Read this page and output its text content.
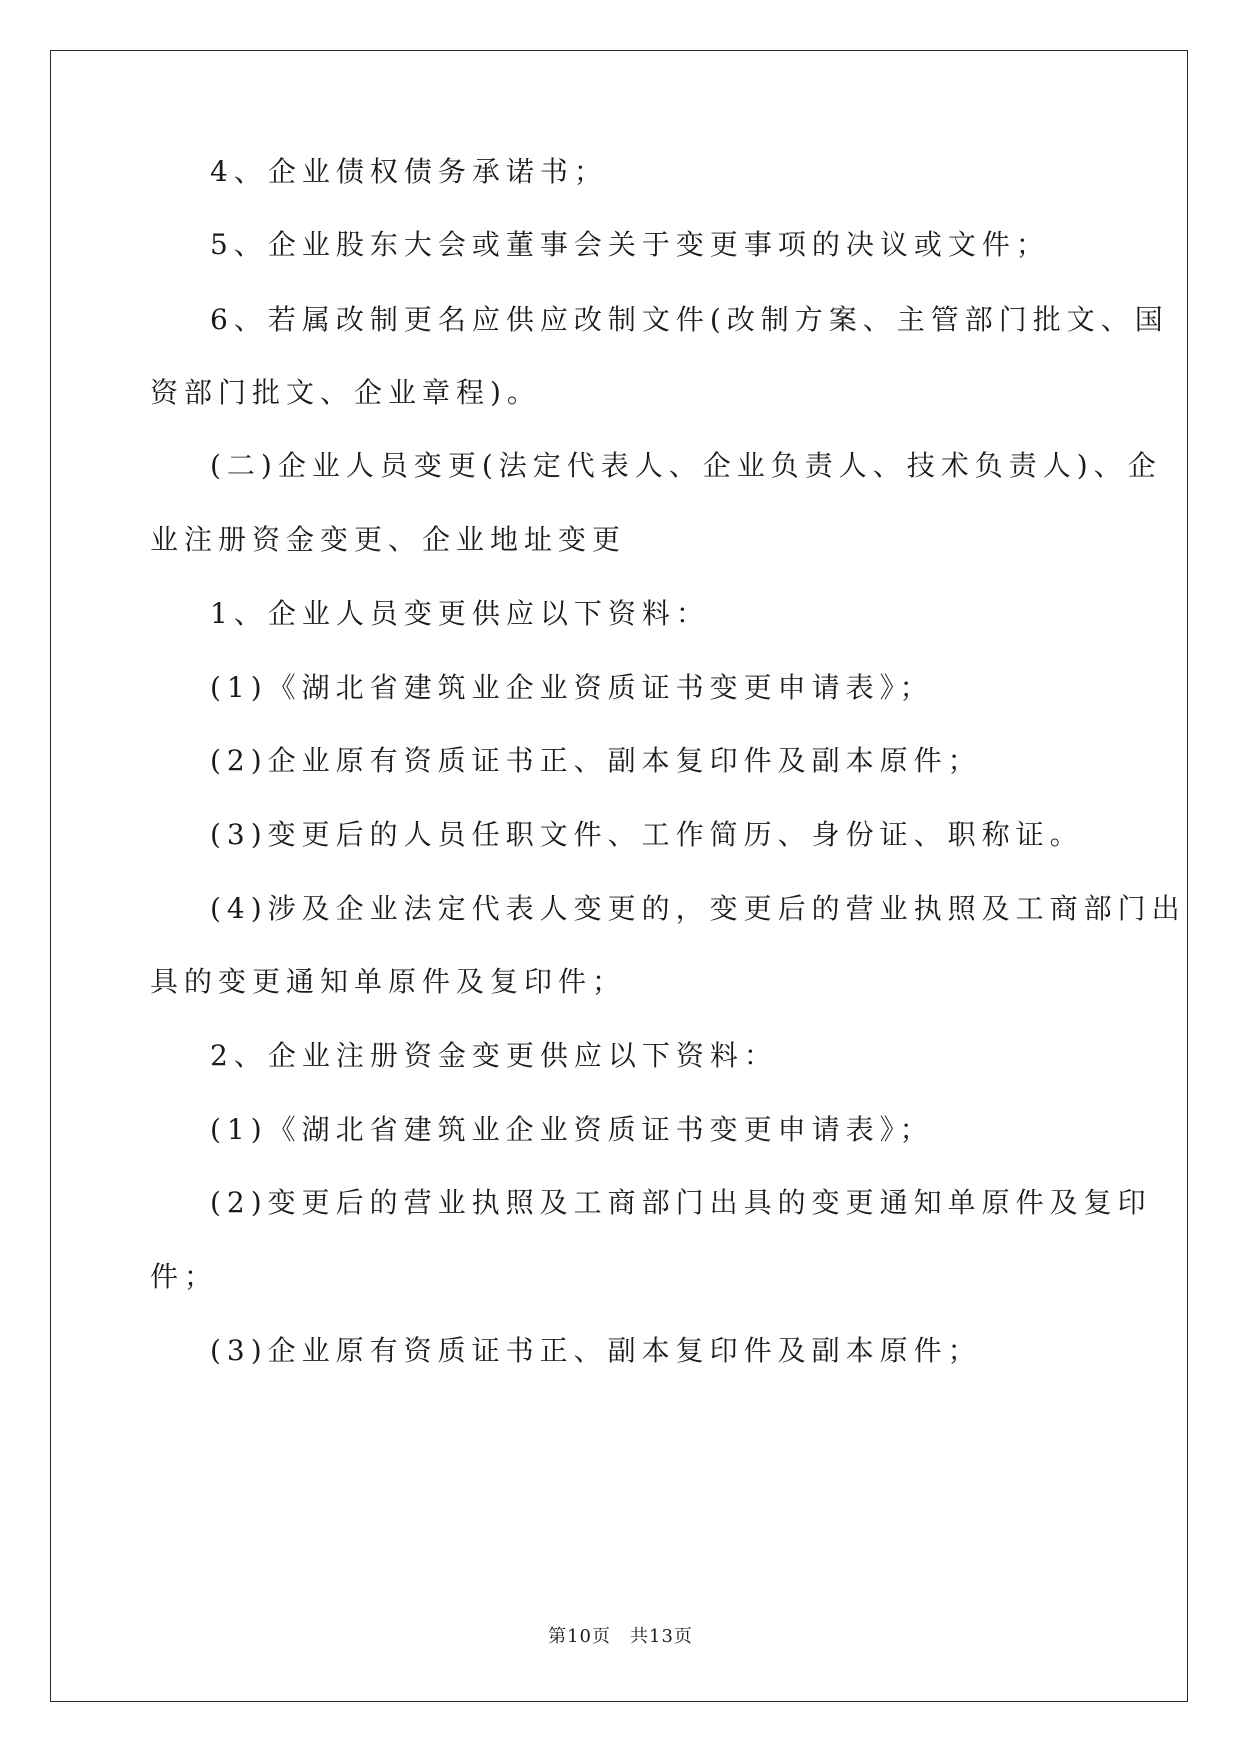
4、企业债权债务承诺书；
5、企业股东大会或董事会关于变更事项的决议或文件；
6、若属改制更名应供应改制文件(改制方案、主管部门批文、国
资部门批文、企业章程)。
(二)企业人员变更(法定代表人、企业负责人、技术负责人)、企
业注册资金变更、企业地址变更
1、企业人员变更供应以下资料：
(1)《湖北省建筑业企业资质证书变更申请表》；
(2)企业原有资质证书正、副本复印件及副本原件；
(3)变更后的人员任职文件、工作简历、身份证、职称证。
(4)涉及企业法定代表人变更的，变更后的营业执照及工商部门出
具的变更通知单原件及复印件；
2、企业注册资金变更供应以下资料：
(1)《湖北省建筑业企业资质证书变更申请表》；
(2)变更后的营业执照及工商部门出具的变更通知单原件及复印
件；
(3)企业原有资质证书正、副本复印件及副本原件；
第10页　共13页
